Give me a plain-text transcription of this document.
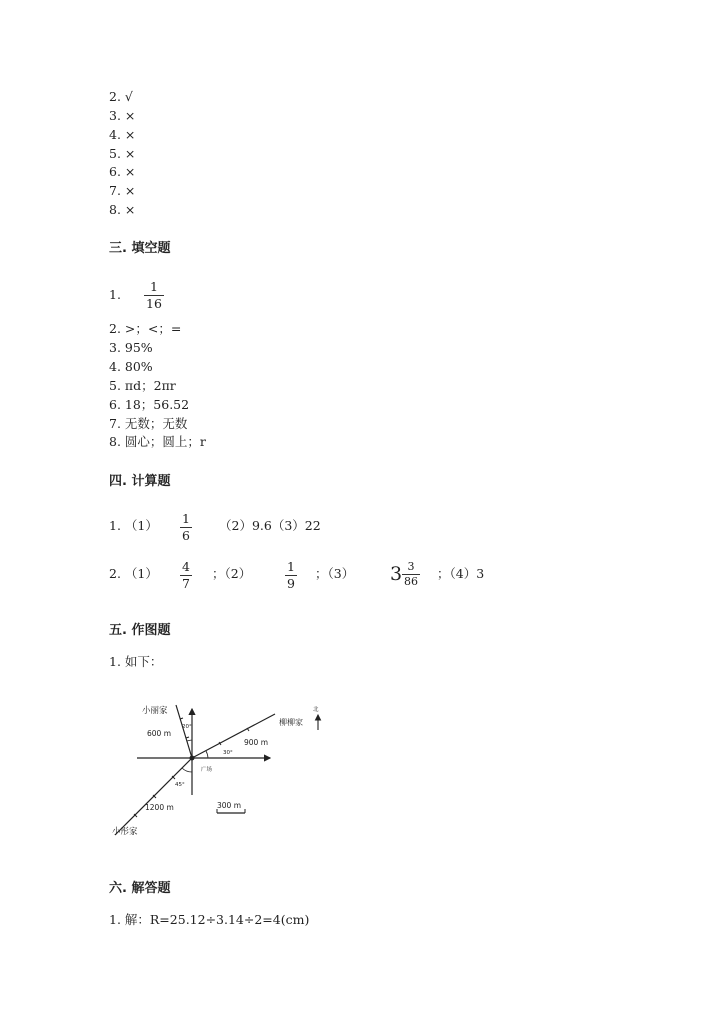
2. √
3. ×
4. ×
5. ×
6. ×
7. ×
8. ×
三. 填空题
1.
1
16
2. >；<；=
3. 95%
4. 80%
5. πd；2πr
6. 18；56.52
7. 无数；无数
8. 圆心；圆上；r
四. 计算题
1. （1） 1
6
（2）9.6（3）22
2. （1） 4
7
；（2）	1
9
；（3） 3 3
86
；（4）3
五. 作图题
1. 如下：
小丽家
600 m
20°	柳柳家
900 m
30°
北
广场
45°
1200 m	300 m
小彤家
六. 解答题
1. 解：R=25.12÷3.14÷2=4(cm)
